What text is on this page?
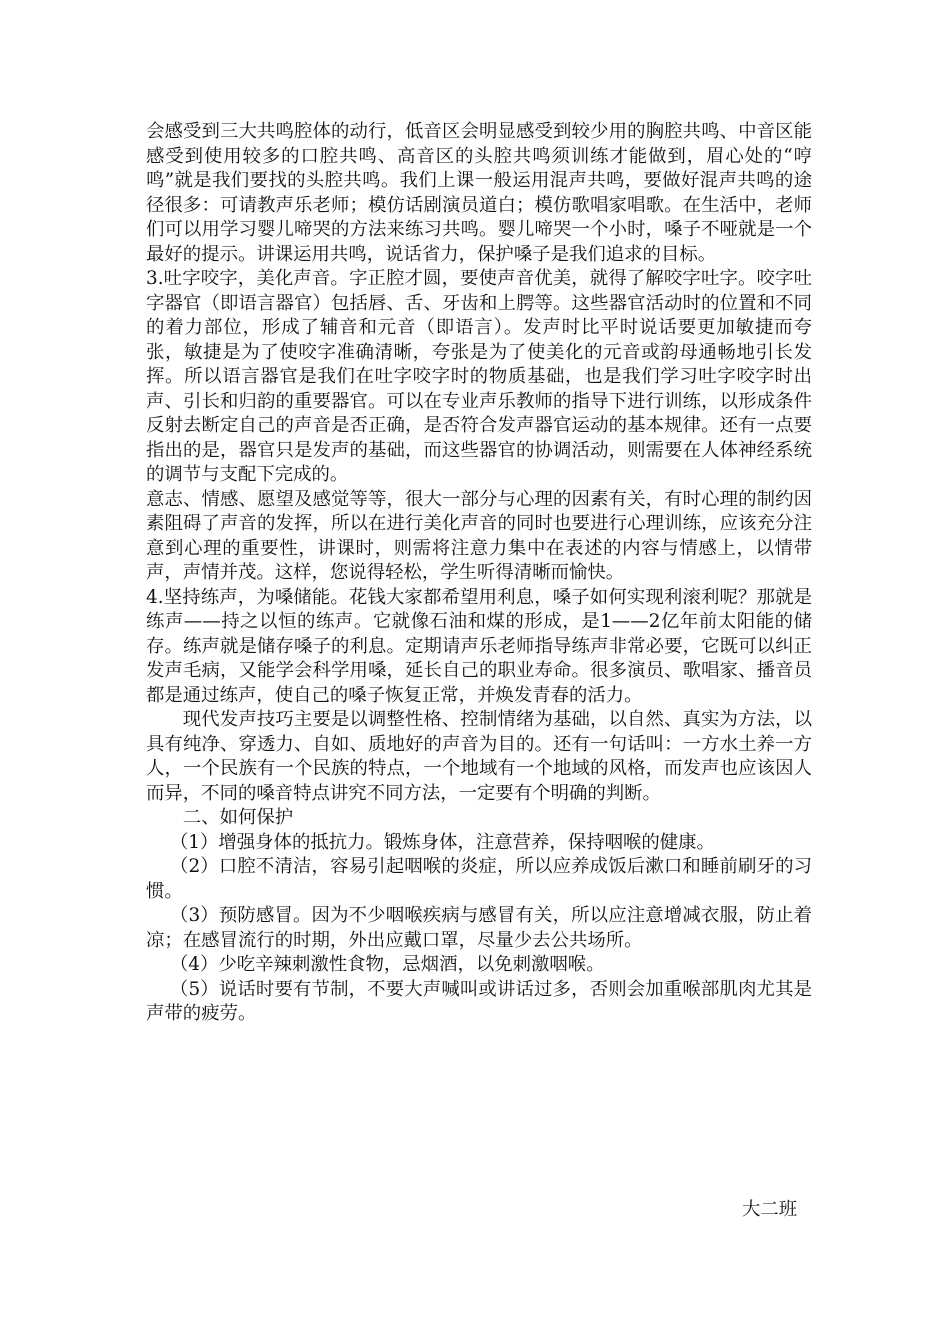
会感受到三大共鸣腔体的动行，低音区会明显感受到较少用的胸腔共鸣、中音区能感受到使用较多的口腔共鸣、高音区的头腔共鸣须训练才能做到，眉心处的“哼鸣”就是我们要找的头腔共鸣。我们上课一般运用混声共鸣，要做好混声共鸣的途径很多：可请教声乐老师；模仿话剧演员道白；模仿歌唱家唱歌。在生活中，老师们可以用学习婴儿啼哭的方法来练习共鸣。婴儿啼哭一个小时，嗓子不哑就是一个最好的提示。讲课运用共鸣，说话省力，保护嗓子是我们追求的目标。

3.吐字咬字，美化声音。字正腔才圆，要使声音优美，就得了解咬字吐字。咬字吐字器官（即语言器官）包括唇、舌、牙齿和上腭等。这些器官活动时的位置和不同的着力部位，形成了辅音和元音（即语言）。发声时比平时说话要更加敏捷而夸张，敏捷是为了使咬字准确清晰，夸张是为了使美化的元音或韵母通畅地引长发挥。所以语言器官是我们在吐字咬字时的物质基础，也是我们学习吐字咬字时出声、引长和归韵的重要器官。可以在专业声乐教师的指导下进行训练，以形成条件反射去断定自己的声音是否正确，是否符合发声器官运动的基本规律。还有一点要指出的是，器官只是发声的基础，而这些器官的协调活动，则需要在人体神经系统的调节与支配下完成的。

意志、情感、愿望及感觉等等，很大一部分与心理的因素有关，有时心理的制约因素阻碍了声音的发挥，所以在进行美化声音的同时也要进行心理训练，应该充分注意到心理的重要性，讲课时，则需将注意力集中在表述的内容与情感上，以情带声，声情并茂。这样，您说得轻松，学生听得清晰而愉快。

4.坚持练声，为嗓储能。花钱大家都希望用利息，嗓子如何实现利滚利呢？那就是练声——持之以恒的练声。它就像石油和煤的形成，是1——2亿年前太阳能的储存。练声就是储存嗓子的利息。定期请声乐老师指导练声非常必要，它既可以纠正发声毛病，又能学会科学用嗓，延长自己的职业寿命。很多演员、歌唱家、播音员都是通过练声，使自己的嗓子恢复正常，并焕发青春的活力。

现代发声技巧主要是以调整性格、控制情绪为基础，以自然、真实为方法，以具有纯净、穿透力、自如、质地好的声音为目的。还有一句话叫：一方水土养一方人，一个民族有一个民族的特点，一个地域有一个地域的风格，而发声也应该因人而异，不同的嗓音特点讲究不同方法，一定要有个明确的判断。

二、如何保护

（1）增强身体的抵抗力。锻炼身体，注意营养，保持咽喉的健康。

（2）口腔不清洁，容易引起咽喉的炎症，所以应养成饭后漱口和睡前刷牙的习惯。

（3）预防感冒。因为不少咽喉疾病与感冒有关，所以应注意增减衣服，防止着凉；在感冒流行的时期，外出应戴口罩，尽量少去公共场所。

（4）少吃辛辣刺激性食物，忌烟酒，以免刺激咽喉。

（5）说话时要有节制，不要大声喊叫或讲话过多，否则会加重喉部肌肉尤其是声带的疲劳。

大二班
